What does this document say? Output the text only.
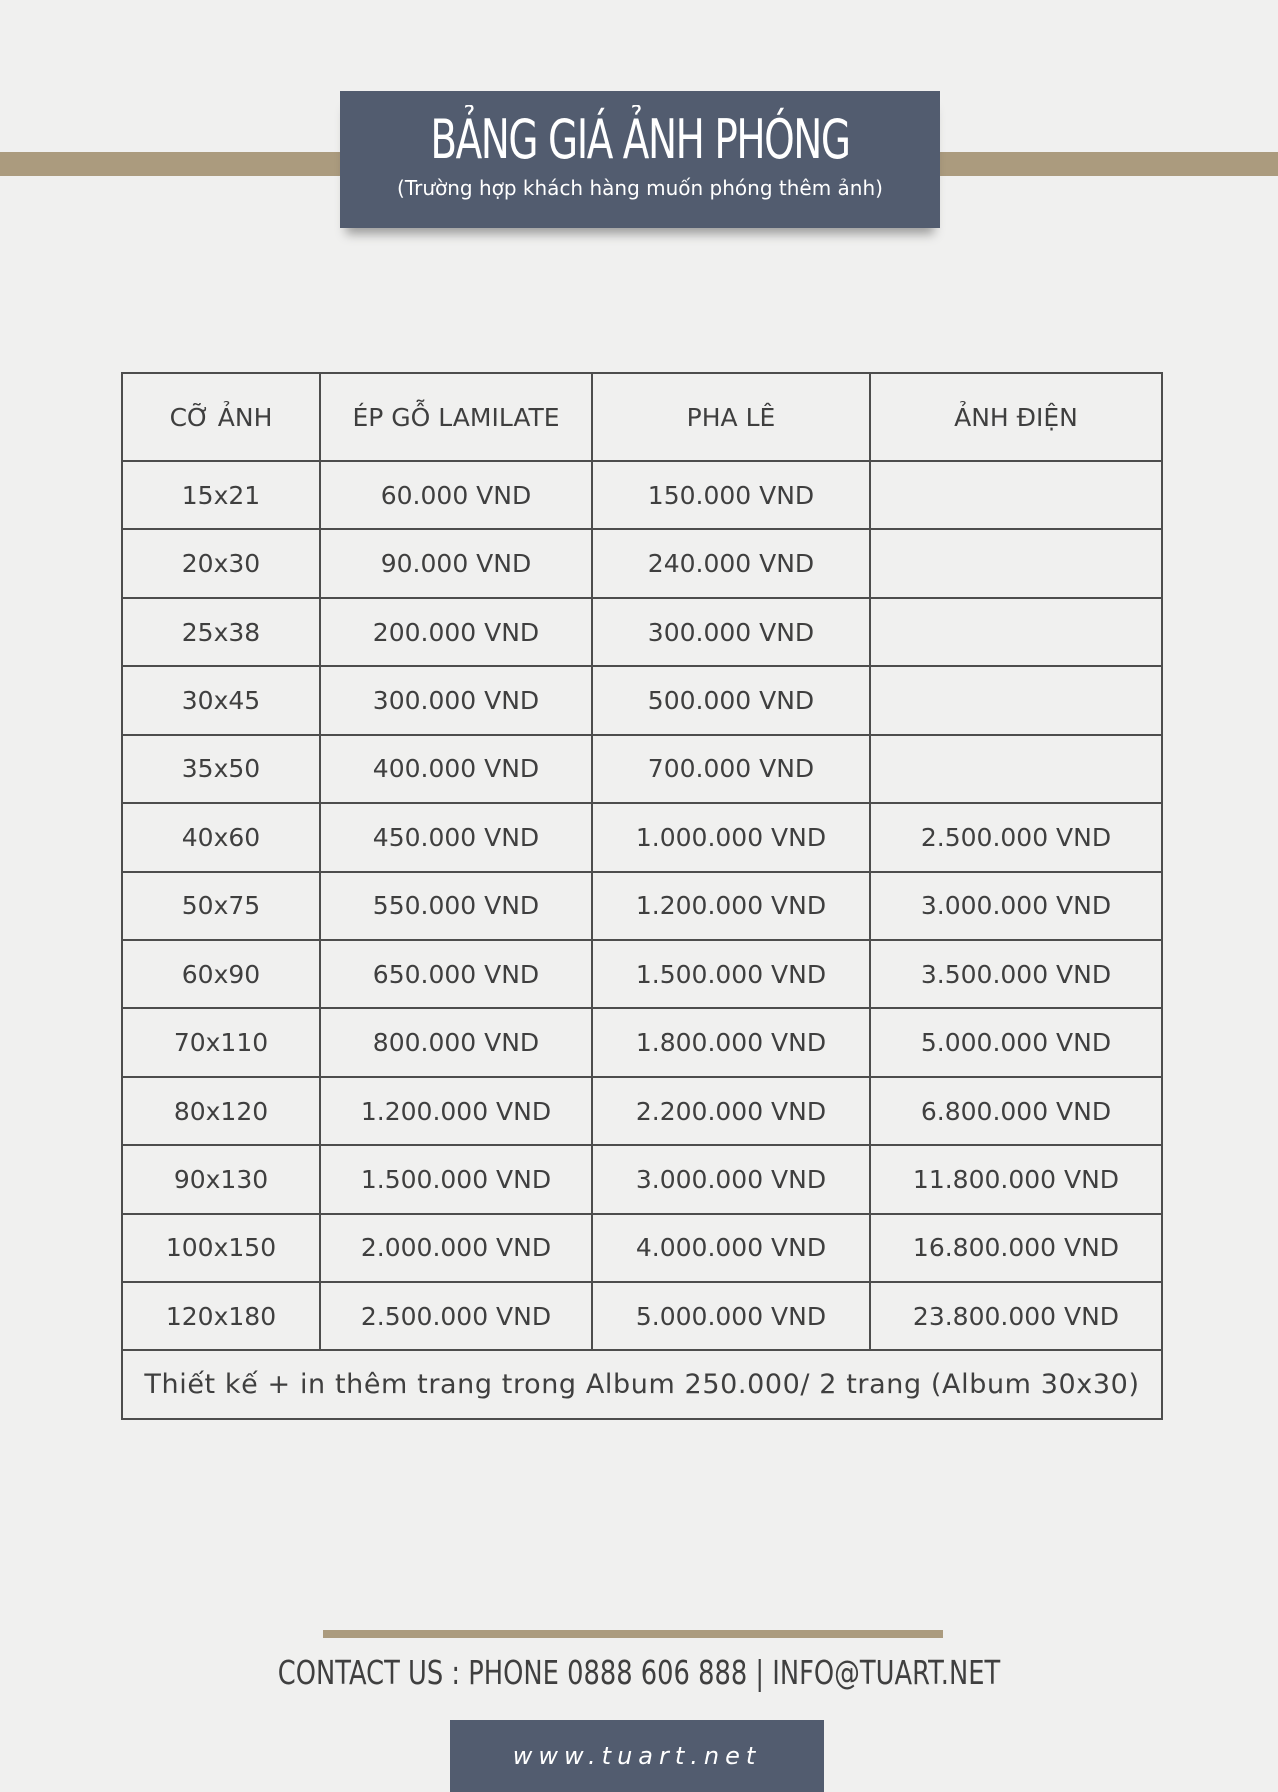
BẢNG GIÁ ẢNH PHÓNG
(Trường hợp khách hàng muốn phóng thêm ảnh)
CỠ ẢNH	ÉP GỖ LAMILATE	PHA LÊ	ẢNH ĐIỆN
15x21	60.000 VND	150.000 VND	
20x30	90.000 VND	240.000 VND	
25x38	200.000 VND	300.000 VND	
30x45	300.000 VND	500.000 VND	
35x50	400.000 VND	700.000 VND	
40x60	450.000 VND	1.000.000 VND	2.500.000 VND
50x75	550.000 VND	1.200.000 VND	3.000.000 VND
60x90	650.000 VND	1.500.000 VND	3.500.000 VND
70x110	800.000 VND	1.800.000 VND	5.000.000 VND
80x120	1.200.000 VND	2.200.000 VND	6.800.000 VND
90x130	1.500.000 VND	3.000.000 VND	11.800.000 VND
100x150	2.000.000 VND	4.000.000 VND	16.800.000 VND
120x180	2.500.000 VND	5.000.000 VND	23.800.000 VND
Thiết kế + in thêm trang trong Album 250.000/ 2 trang (Album 30x30)			
CONTACT US : PHONE 0888 606 888 | INFO@TUART.NET
www.tuart.net
